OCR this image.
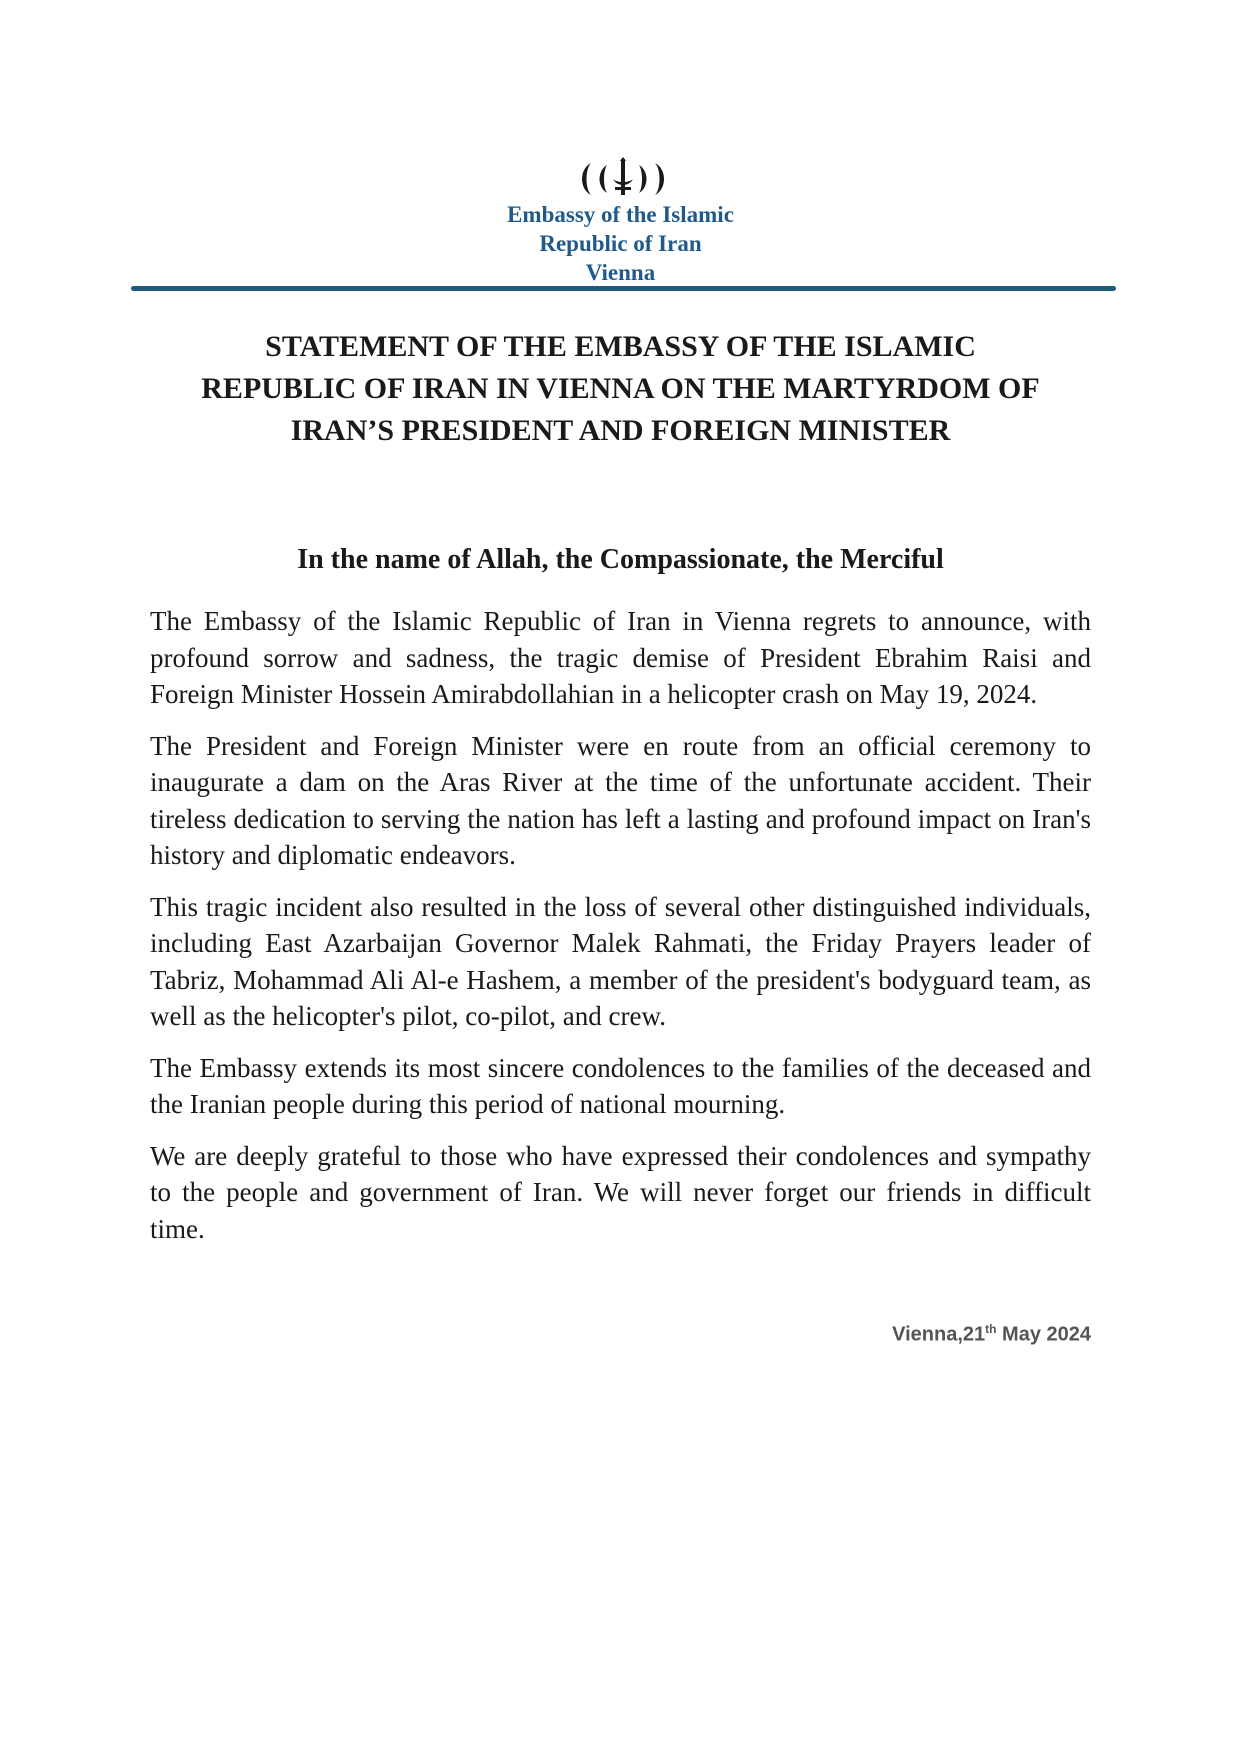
Embassy of the Islamic
Republic of Iran
Vienna
STATEMENT OF THE EMBASSY OF THE ISLAMIC
REPUBLIC OF IRAN IN VIENNA ON THE MARTYRDOM OF
IRAN’S PRESIDENT AND FOREIGN MINISTER
In the name of Allah, the Compassionate, the Merciful

The Embassy of the Islamic Republic of Iran in Vienna regrets to announce, with profound sorrow and sadness, the tragic demise of President Ebrahim Raisi and Foreign Minister Hossein Amirabdollahian in a helicopter crash on May 19, 2024.

The President and Foreign Minister were en route from an official ceremony to inaugurate a dam on the Aras River at the time of the unfortunate accident. Their tireless dedication to serving the nation has left a lasting and profound impact on Iran's history and diplomatic endeavors.

This tragic incident also resulted in the loss of several other distinguished individuals, including East Azarbaijan Governor Malek Rahmati, the Friday Prayers leader of Tabriz, Mohammad Ali Al-e Hashem, a member of the president's bodyguard team, as well as the helicopter's pilot, co-pilot, and crew.

The Embassy extends its most sincere condolences to the families of the deceased and the Iranian people during this period of national mourning.

We are deeply grateful to those who have expressed their condolences and sympathy to the people and government of Iran. We will never forget our friends in difficult time.

Vienna,21th May 2024
